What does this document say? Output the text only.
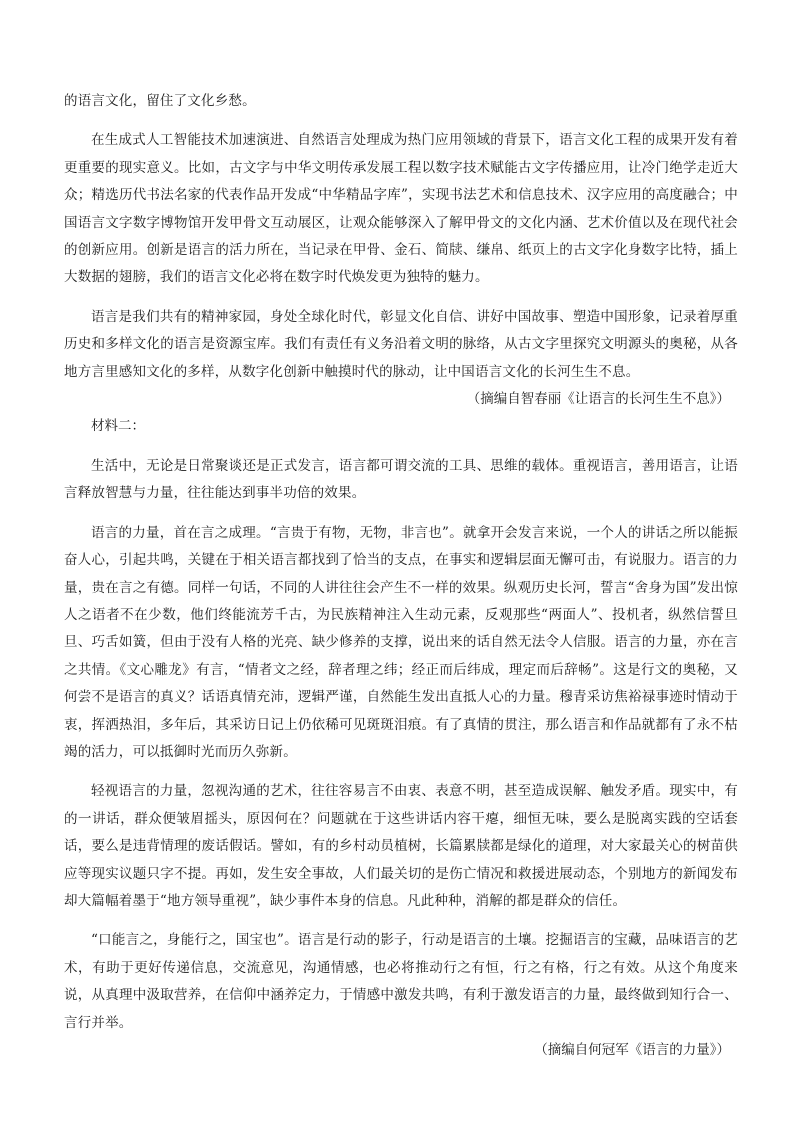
的语言文化，留住了文化乡愁。

在生成式人工智能技术加速演进、自然语言处理成为热门应用领域的背景下，语言文化工程的成果开发有着更重要的现实意义。比如，古文字与中华文明传承发展工程以数字技术赋能古文字传播应用，让冷门绝学走近大众；精选历代书法名家的代表作品开发成“中华精品字库”，实现书法艺术和信息技术、汉字应用的高度融合；中国语言文字数字博物馆开发甲骨文互动展区，让观众能够深入了解甲骨文的文化内涵、艺术价值以及在现代社会的创新应用。创新是语言的活力所在，当记录在甲骨、金石、简牍、缣帛、纸页上的古文字化身数字比特，插上大数据的翅膀，我们的语言文化必将在数字时代焕发更为独特的魅力。

语言是我们共有的精神家园，身处全球化时代，彰显文化自信、讲好中国故事、塑造中国形象，记录着厚重历史和多样文化的语言是资源宝库。我们有责任有义务沿着文明的脉络，从古文字里探究文明源头的奥秘，从各地方言里感知文化的多样，从数字化创新中触摸时代的脉动，让中国语言文化的长河生生不息。

（摘编自智春丽《让语言的长河生生不息》）

材料二：

生活中，无论是日常聚谈还是正式发言，语言都可谓交流的工具、思维的载体。重视语言，善用语言，让语言释放智慧与力量，往往能达到事半功倍的效果。

语言的力量，首在言之成理。“言贵于有物，无物，非言也”。就拿开会发言来说，一个人的讲话之所以能振奋人心，引起共鸣，关键在于相关语言都找到了恰当的支点，在事实和逻辑层面无懈可击，有说服力。语言的力量，贵在言之有德。同样一句话，不同的人讲往往会产生不一样的效果。纵观历史长河，誓言“舍身为国”发出惊人之语者不在少数，他们终能流芳千古，为民族精神注入生动元素，反观那些“两面人”、投机者，纵然信誓旦旦、巧舌如簧，但由于没有人格的光亮、缺少修养的支撑，说出来的话自然无法令人信服。语言的力量，亦在言之共情。《文心雕龙》有言，“情者文之经，辞者理之纬；经正而后纬成，理定而后辞畅”。这是行文的奥秘，又何尝不是语言的真义？话语真情充沛，逻辑严谨，自然能生发出直抵人心的力量。穆青采访焦裕禄事迹时情动于衷，挥洒热泪，多年后，其采访日记上仍依稀可见斑斑泪痕。有了真情的贯注，那么语言和作品就都有了永不枯竭的活力，可以抵御时光而历久弥新。

轻视语言的力量，忽视沟通的艺术，往往容易言不由衷、表意不明，甚至造成误解、触发矛盾。现实中，有的一讲话，群众便皱眉摇头，原因何在？问题就在于这些讲话内容干瘪，细恒无味，要么是脱离实践的空话套话，要么是违背情理的废话假话。譬如，有的乡村动员植树，长篇累牍都是绿化的道理，对大家最关心的树苗供应等现实议题只字不提。再如，发生安全事故，人们最关切的是伤亡情况和救援进展动态，个别地方的新闻发布却大篇幅着墨于“地方领导重视”，缺少事件本身的信息。凡此种种，消解的都是群众的信任。

“口能言之，身能行之，国宝也”。语言是行动的影子，行动是语言的土壤。挖掘语言的宝藏，品味语言的艺术，有助于更好传递信息，交流意见，沟通情感，也必将推动行之有恒，行之有格，行之有效。从这个角度来说，从真理中汲取营养，在信仰中涵养定力，于情感中激发共鸣，有利于激发语言的力量，最终做到知行合一、言行并举。

（摘编自何冠军《语言的力量》）
